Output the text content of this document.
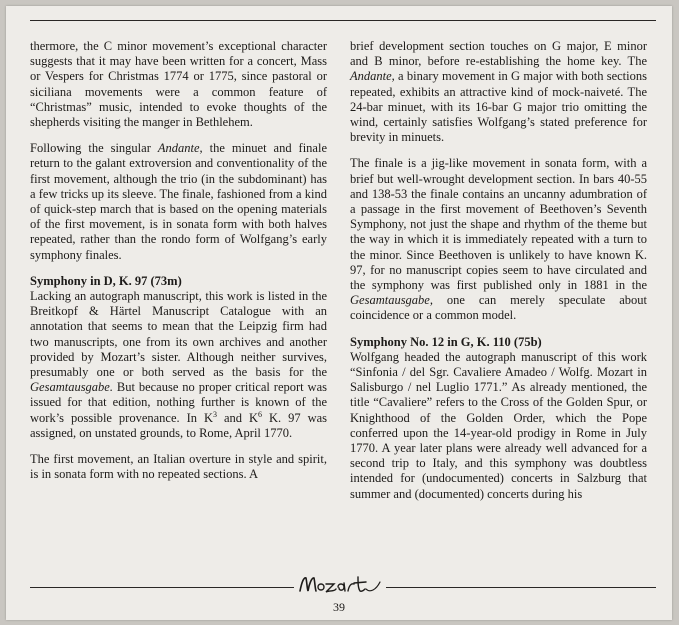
thermore, the C minor movement’s exceptional character suggests that it may have been written for a concert, Mass or Vespers for Christmas 1774 or 1775, since pastoral or siciliana movements were a common feature of “Christmas” music, intended to evoke thoughts of the shepherds visiting the manger in Bethlehem.

Following the singular Andante, the minuet and finale return to the galant extroversion and conventionality of the first movement, although the trio (in the subdominant) has a few tricks up its sleeve. The finale, fashioned from a kind of quick-step march that is based on the opening materials of the first movement, is in sonata form with both halves repeated, rather than the rondo form of Wolfgang’s early symphony finales.

Symphony in D, K. 97 (73m)

Lacking an autograph manuscript, this work is listed in the Breitkopf & Härtel Manuscript Catalogue with an annotation that seems to mean that the Leipzig firm had two manuscripts, one from its own archives and another provided by Mozart’s sister. Although neither survives, presumably one or both served as the basis for the Gesamtausgabe. But because no proper critical report was issued for that edition, nothing further is known of the work’s possible provenance. In $K^3$ and $K^6$ K. 97 was assigned, on unstated grounds, to Rome, April 1770.

The first movement, an Italian overture in style and spirit, is in sonata form with no repeated sections. A

brief development section touches on G major, E minor and B minor, before re-establishing the home key. The Andante, a binary movement in G major with both sections repeated, exhibits an attractive kind of mock-naiveté. The 24-bar minuet, with its 16-bar G major trio omitting the wind, certainly satisfies Wolfgang’s stated preference for brevity in minuets.

The finale is a jig-like movement in sonata form, with a brief but well-wrought development section. In bars 40-55 and 138-53 the finale contains an uncanny adumbration of a passage in the first movement of Beethoven’s Seventh Symphony, not just the shape and rhythm of the theme but the way in which it is immediately repeated with a turn to the minor. Since Beethoven is unlikely to have known K. 97, for no manuscript copies seem to have circulated and the symphony was first published only in 1881 in the Gesamtausgabe, one can merely speculate about coincidence or a common model.

Symphony No. 12 in G, K. 110 (75b)

Wolfgang headed the autograph manuscript of this work “Sinfonia / del Sgr. Cavaliere Amadeo / Wolfg. Mozart in Salisburgo / nel Luglio 1771.” As already mentioned, the title “Cavaliere” refers to the Cross of the Golden Spur, or Knighthood of the Golden Order, which the Pope conferred upon the 14-year-old prodigy in Rome in July 1770. A year later plans were already well advanced for a second trip to Italy, and this symphony was doubtless intended for (undocumented) concerts in Salzburg that summer and (documented) concerts during his

39
